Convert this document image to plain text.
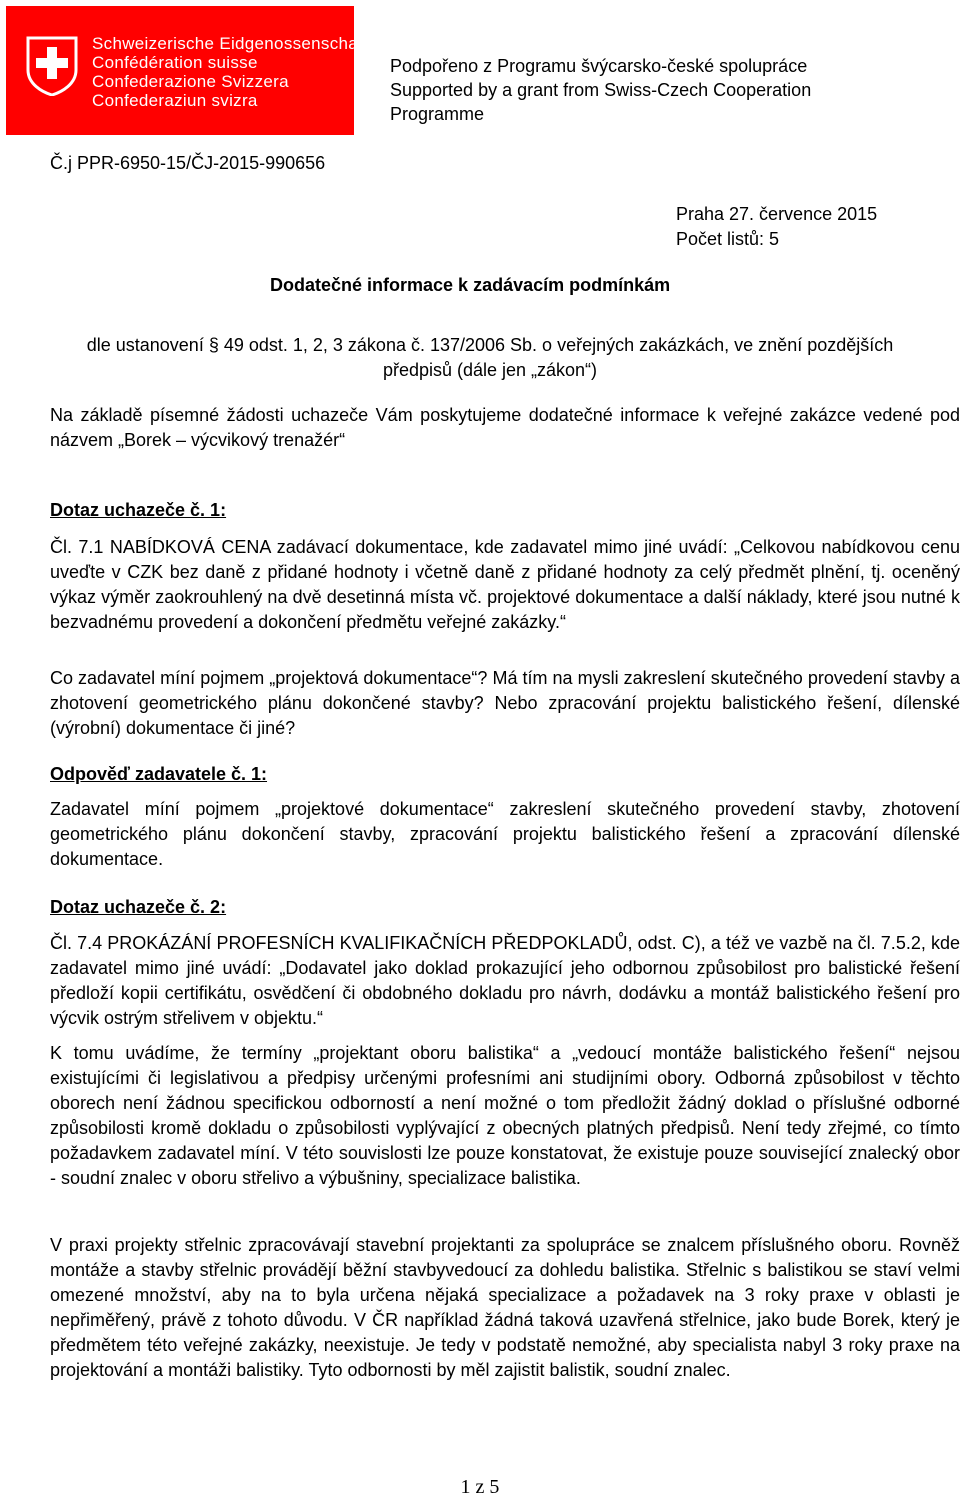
Schweizerische Eidgenossenschaft
Confédération suisse
Confederazione Svizzera
Confederaziun svizra
Podpořeno z Programu švýcarsko-české spolupráce
Supported by a grant from Swiss-Czech Cooperation
Programme
Č.j PPR-6950-15/ČJ-2015-990656
Praha 27. července 2015
Počet listů: 5
Dodatečné informace k zadávacím podmínkám
dle ustanovení § 49 odst. 1, 2, 3 zákona č. 137/2006 Sb. o veřejných zakázkách, ve znění pozdějších předpisů (dále jen „zákon“)
Na základě písemné žádosti uchazeče Vám poskytujeme dodatečné informace k veřejné zakázce vedené pod názvem „Borek – výcvikový trenažér“
Dotaz uchazeče č. 1:
Čl. 7.1 NABÍDKOVÁ CENA zadávací dokumentace, kde zadavatel mimo jiné uvádí: „Celkovou nabídkovou cenu uveďte v CZK bez daně z přidané hodnoty i včetně daně z přidané hodnoty za celý předmět plnění, tj. oceněný výkaz výměr zaokrouhlený na dvě desetinná místa vč. projektové dokumentace a další náklady, které jsou nutné k bezvadnému provedení a dokončení předmětu veřejné zakázky.“
Co zadavatel míní pojmem „projektová dokumentace“? Má tím na mysli zakreslení skutečného provedení stavby a zhotovení geometrického plánu dokončené stavby? Nebo zpracování projektu balistického řešení, dílenské (výrobní) dokumentace či jiné?
Odpověď zadavatele č. 1:
Zadavatel míní pojmem „projektové dokumentace“ zakreslení skutečného provedení stavby, zhotovení geometrického plánu dokončení stavby, zpracování projektu balistického řešení a zpracování dílenské dokumentace.
Dotaz uchazeče č. 2:
Čl. 7.4 PROKÁZÁNÍ PROFESNÍCH KVALIFIKAČNÍCH PŘEDPOKLADŮ, odst. C), a též ve vazbě na čl. 7.5.2, kde zadavatel mimo jiné uvádí: „Dodavatel jako doklad prokazující jeho odbornou způsobilost pro balistické řešení předloží kopii certifikátu, osvědčení či obdobného dokladu pro návrh, dodávku a montáž balistického řešení pro výcvik ostrým střelivem v objektu.“
K tomu uvádíme, že termíny „projektant oboru balistika“ a „vedoucí montáže balistického řešení“ nejsou existujícími či legislativou a předpisy určenými profesními ani studijními obory. Odborná způsobilost v těchto oborech není žádnou specifickou odborností a není možné o tom předložit žádný doklad o příslušné odborné způsobilosti kromě dokladu o způsobilosti vyplývající z obecných platných předpisů. Není tedy zřejmé, co tímto požadavkem zadavatel míní. V této souvislosti lze pouze konstatovat, že existuje pouze související znalecký obor - soudní znalec v oboru střelivo a výbušniny, specializace balistika.
V praxi projekty střelnic zpracovávají stavební projektanti za spolupráce se znalcem příslušného oboru. Rovněž montáže a stavby střelnic provádějí běžní stavbyvedoucí za dohledu balistika. Střelnic s balistikou se staví velmi omezené množství, aby na to byla určena nějaká specializace a požadavek na 3 roky praxe v oblasti je nepřiměřený, právě z tohoto důvodu. V ČR například žádná taková uzavřená střelnice, jako bude Borek, který je předmětem této veřejné zakázky, neexistuje. Je tedy v podstatě nemožné, aby specialista nabyl 3 roky praxe na projektování a montáži balistiky. Tyto odbornosti by měl zajistit balistik, soudní znalec.
1 z 5
